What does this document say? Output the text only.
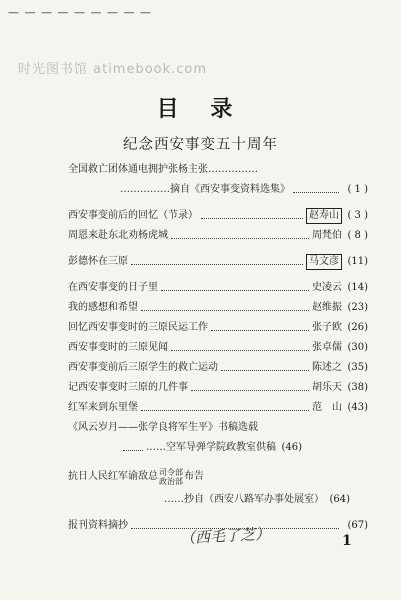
— — — — — — — — —
时光图书馆 atimebook.com
目 录
纪念西安事变五十周年
全国救亡团体通电拥护张杨主张……………
……………摘自《西安事变资料选集》	( 1 )
西安事变前后的回忆（节录）	赵寿山 ( 3 )
周恩来赴东北劝杨虎城	周梵伯 ( 8 )
彭德怀在三原	马文彦 (11)
在西安事变的日子里	史凌云 (14)
我的感想和希望	赵维振 (23)
回忆西安事变时的三原民运工作	张子欧 (26)
西安事变时的三原见闻	张卓儒 (30)
西安事变前后三原学生的救亡运动	陈述之 (35)
记西安事变时三原的几件事	胡乐天 (38)
红军来到东里堡	范　山 (43)
《风云岁月——张学良将军生平》书稿选载
……空军导弹学院政教室供稿 (46)
抗日人民红军谕敌总 司令部
政治部 布告
……抄自（西安八路军办事处展室） (64)
报刊资料摘抄	(67)
（西毛了芝）	1
